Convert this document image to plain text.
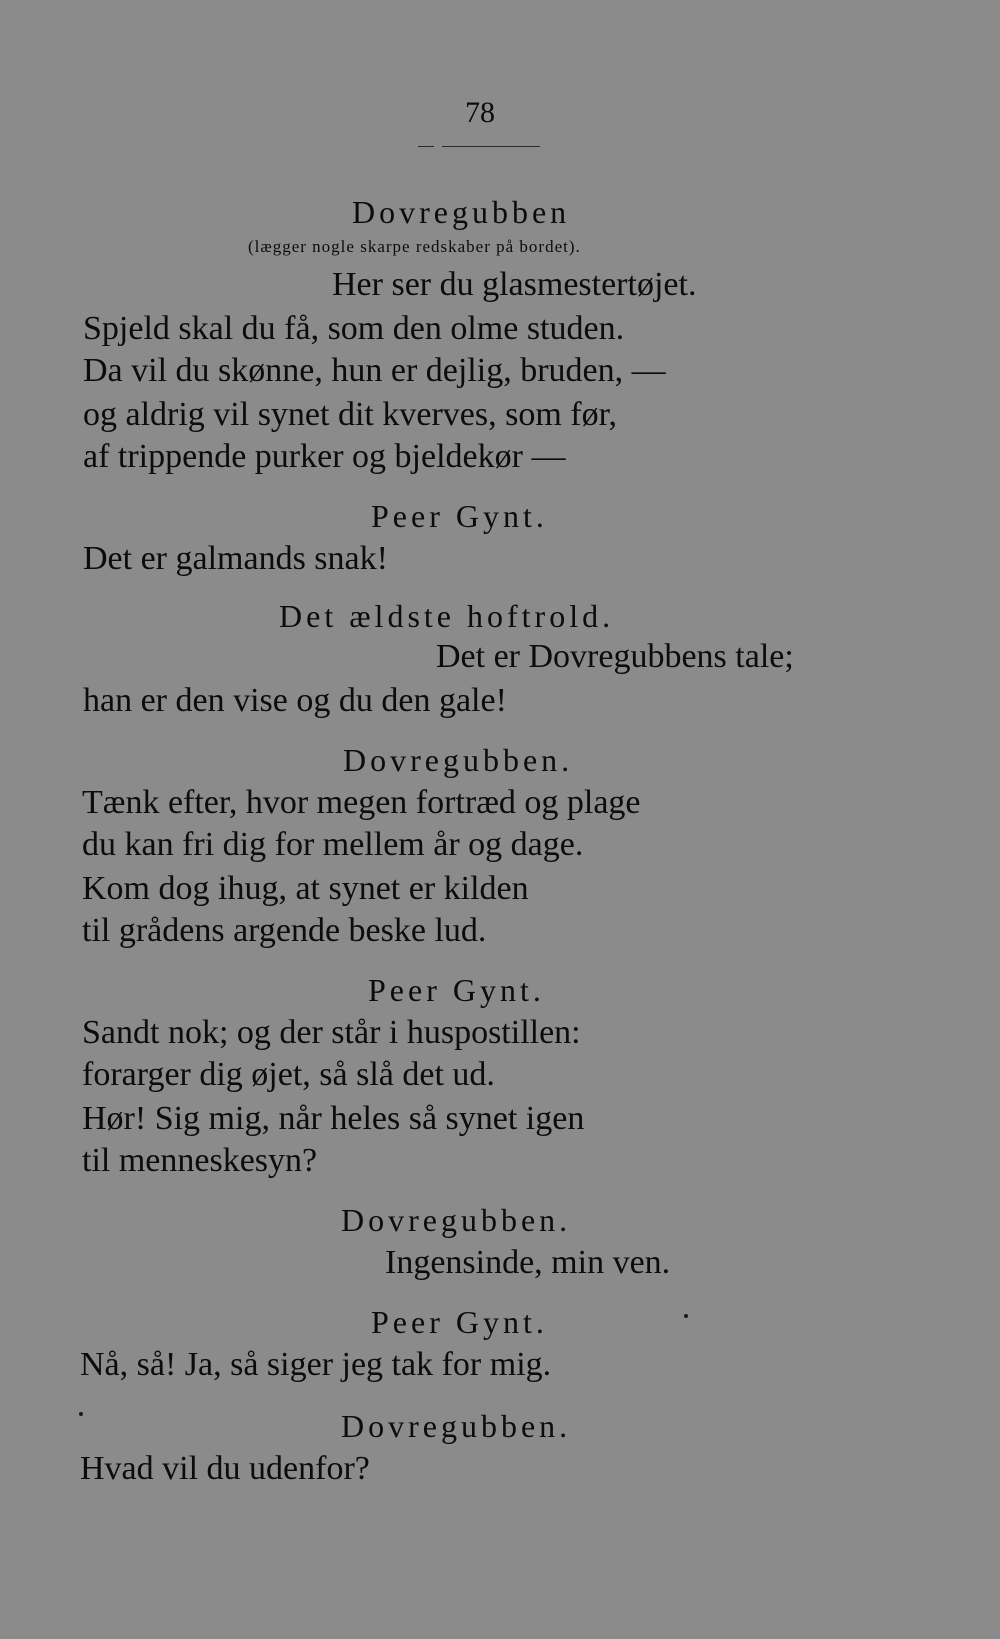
78
Dovregubben
(lægger nogle skarpe redskaber på bordet).
Her ser du glasmestertøjet.
Spjeld skal du få, som den olme studen.
Da vil du skønne, hun er dejlig, bruden, —
og aldrig vil synet dit kverves, som før,
af trippende purker og bjeldekør —
Peer Gynt.
Det er galmands snak!
Det ældste hoftrold.
Det er Dovregubbens tale;
han er den vise og du den gale!
Dovregubben.
Tænk efter, hvor megen fortræd og plage
du kan fri dig for mellem år og dage.
Kom dog ihug, at synet er kilden
til grådens argende beske lud.
Peer Gynt.
Sandt nok; og der står i huspostillen:
forarger dig øjet, så slå det ud.
Hør! Sig mig, når heles så synet igen
til menneskesyn?
Dovregubben.
Ingensinde, min ven.
Peer Gynt.
Nå, så! Ja, så siger jeg tak for mig.
Dovregubben.
Hvad vil du udenfor?
